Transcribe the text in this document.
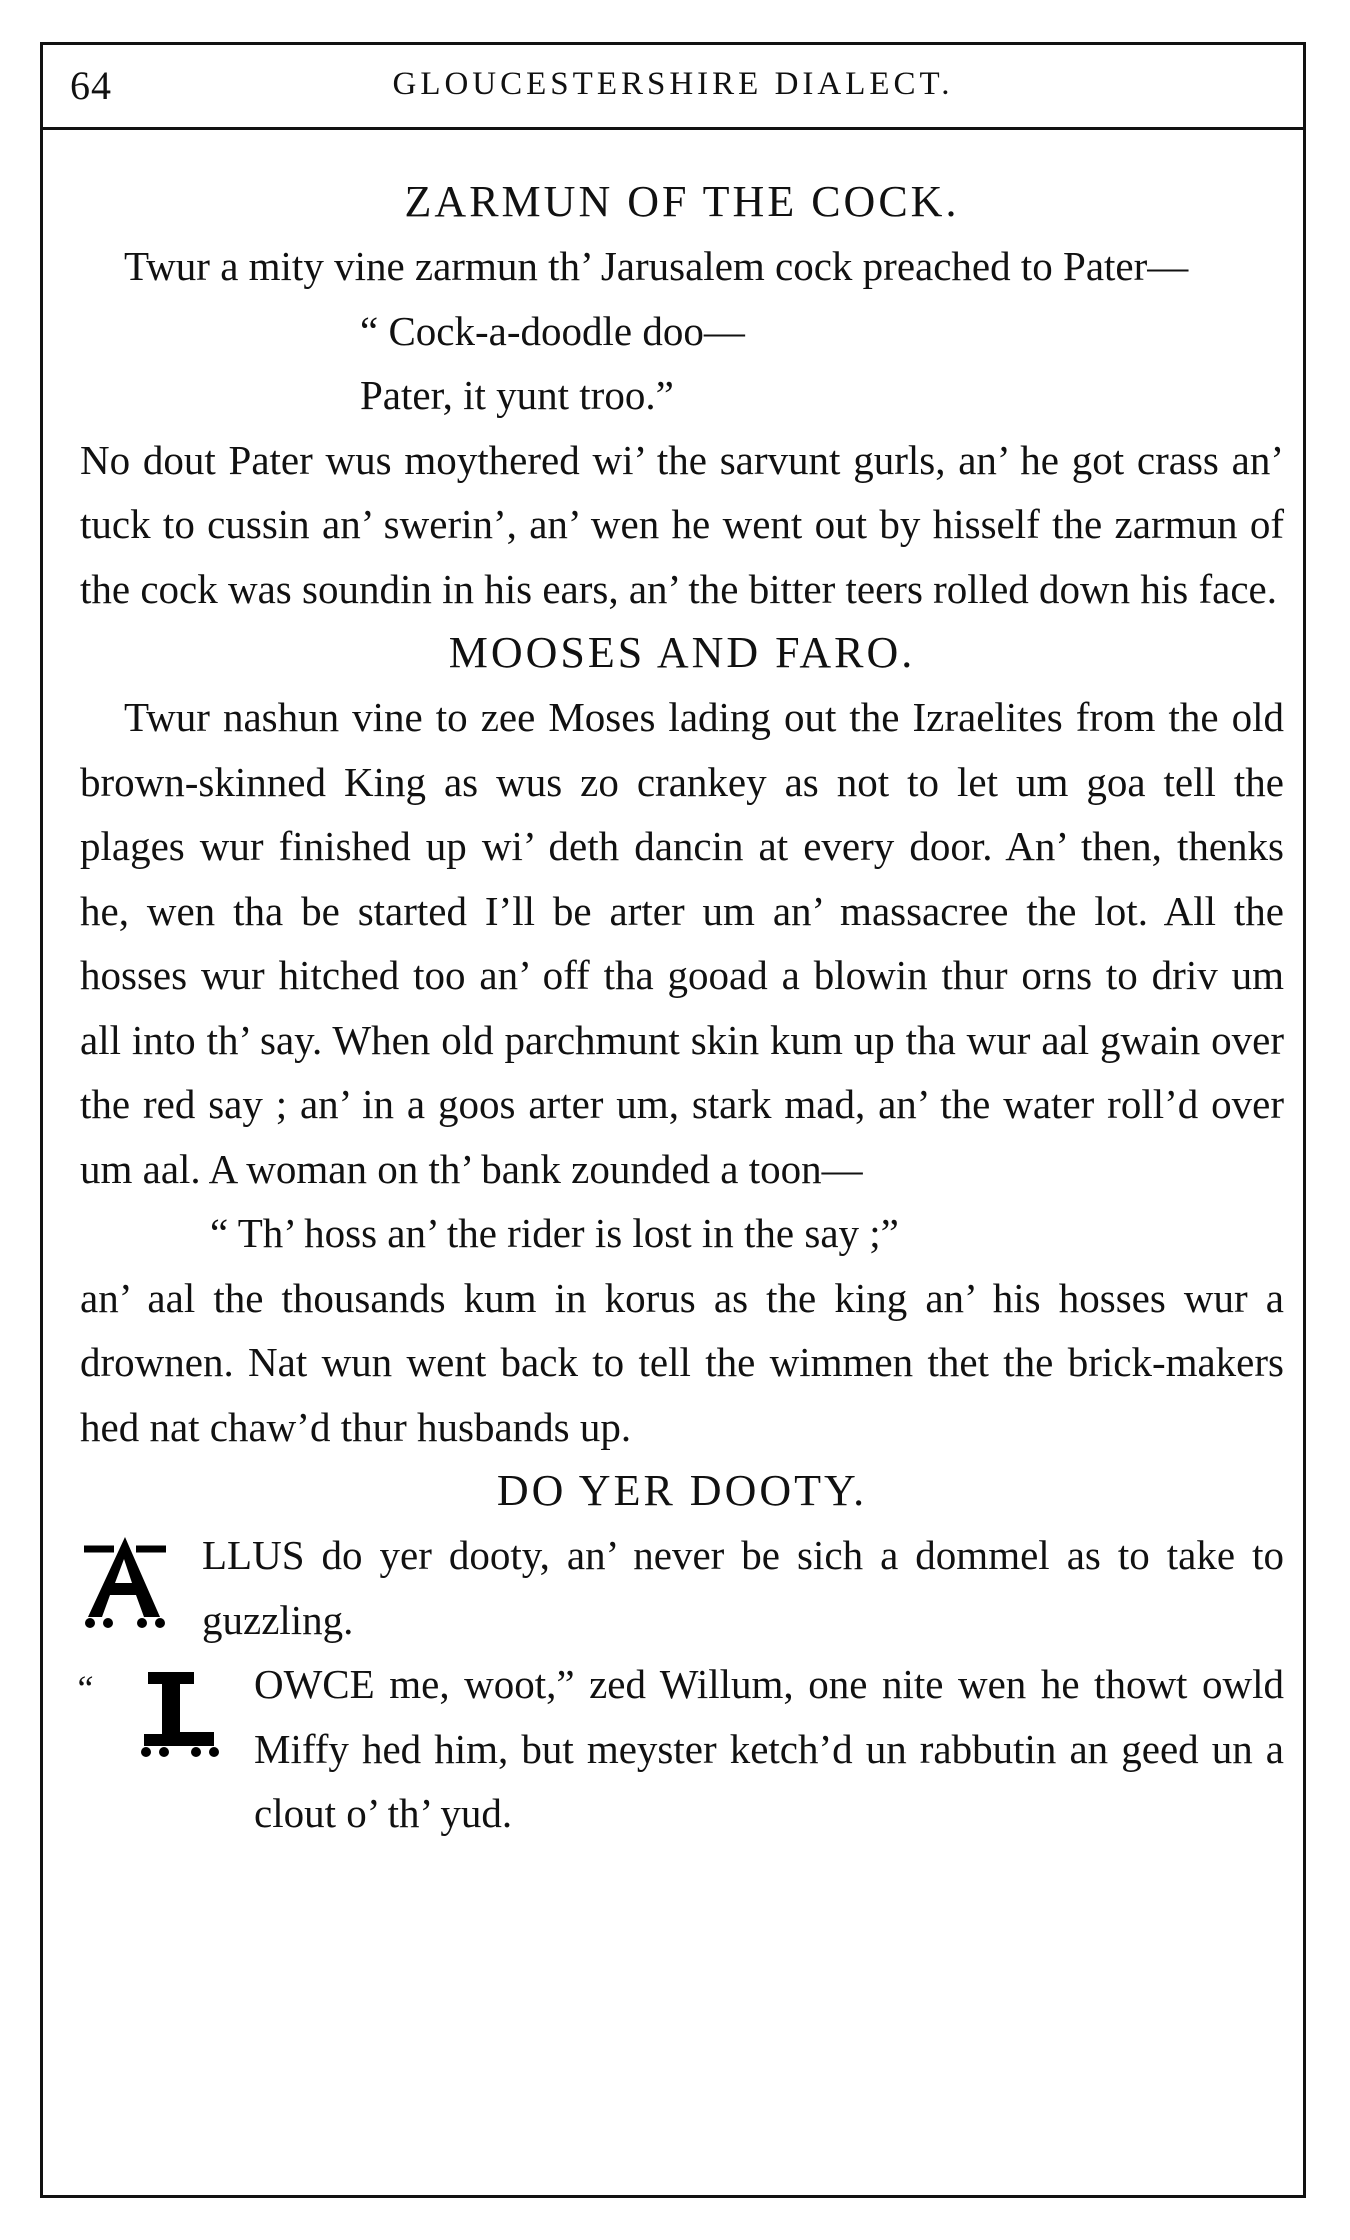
64	GLOUCESTERSHIRE DIALECT.

ZARMUN OF THE COCK.

Twur a mity vine zarmun th’ Jarusalem cock preached to Pater—

“ Cock-a-doodle doo—

Pater, it yunt troo.”

No dout Pater wus moythered wi’ the sarvunt gurls, an’ he got crass an’ tuck to cussin an’ swerin’, an’ wen he went out by hisself the zarmun of the cock was soundin in his ears, an’ the bitter teers rolled down his face.

MOOSES AND FARO.

Twur nashun vine to zee Moses lading out the Izraelites from the old brown-skinned King as wus zo crankey as not to let um goa tell the plages wur finished up wi’ deth dancin at every door. An’ then, thenks he, wen tha be started I’ll be arter um an’ massacree the lot. All the hosses wur hitched too an’ off tha gooad a blowin thur orns to driv um all into th’ say. When old parchmunt skin kum up tha wur aal gwain over the red say ; an’ in a goos arter um, stark mad, an’ the water roll’d over um aal. A woman on th’ bank zounded a toon—

“ Th’ hoss an’ the rider is lost in the say ;”

an’ aal the thousands kum in korus as the king an’ his hosses wur a drownen. Nat wun went back to tell the wimmen thet the brick-makers hed nat chaw’d thur husbands up.

DO YER DOOTY.

LLUS do yer dooty, an’ never be sich a dommel as to take to guzzling.
“	OWCE me, woot,” zed Willum, one nite wen he thowt owld Miffy hed him, but meyster ketch’d un rabbutin an geed un a clout o’ th’ yud.
